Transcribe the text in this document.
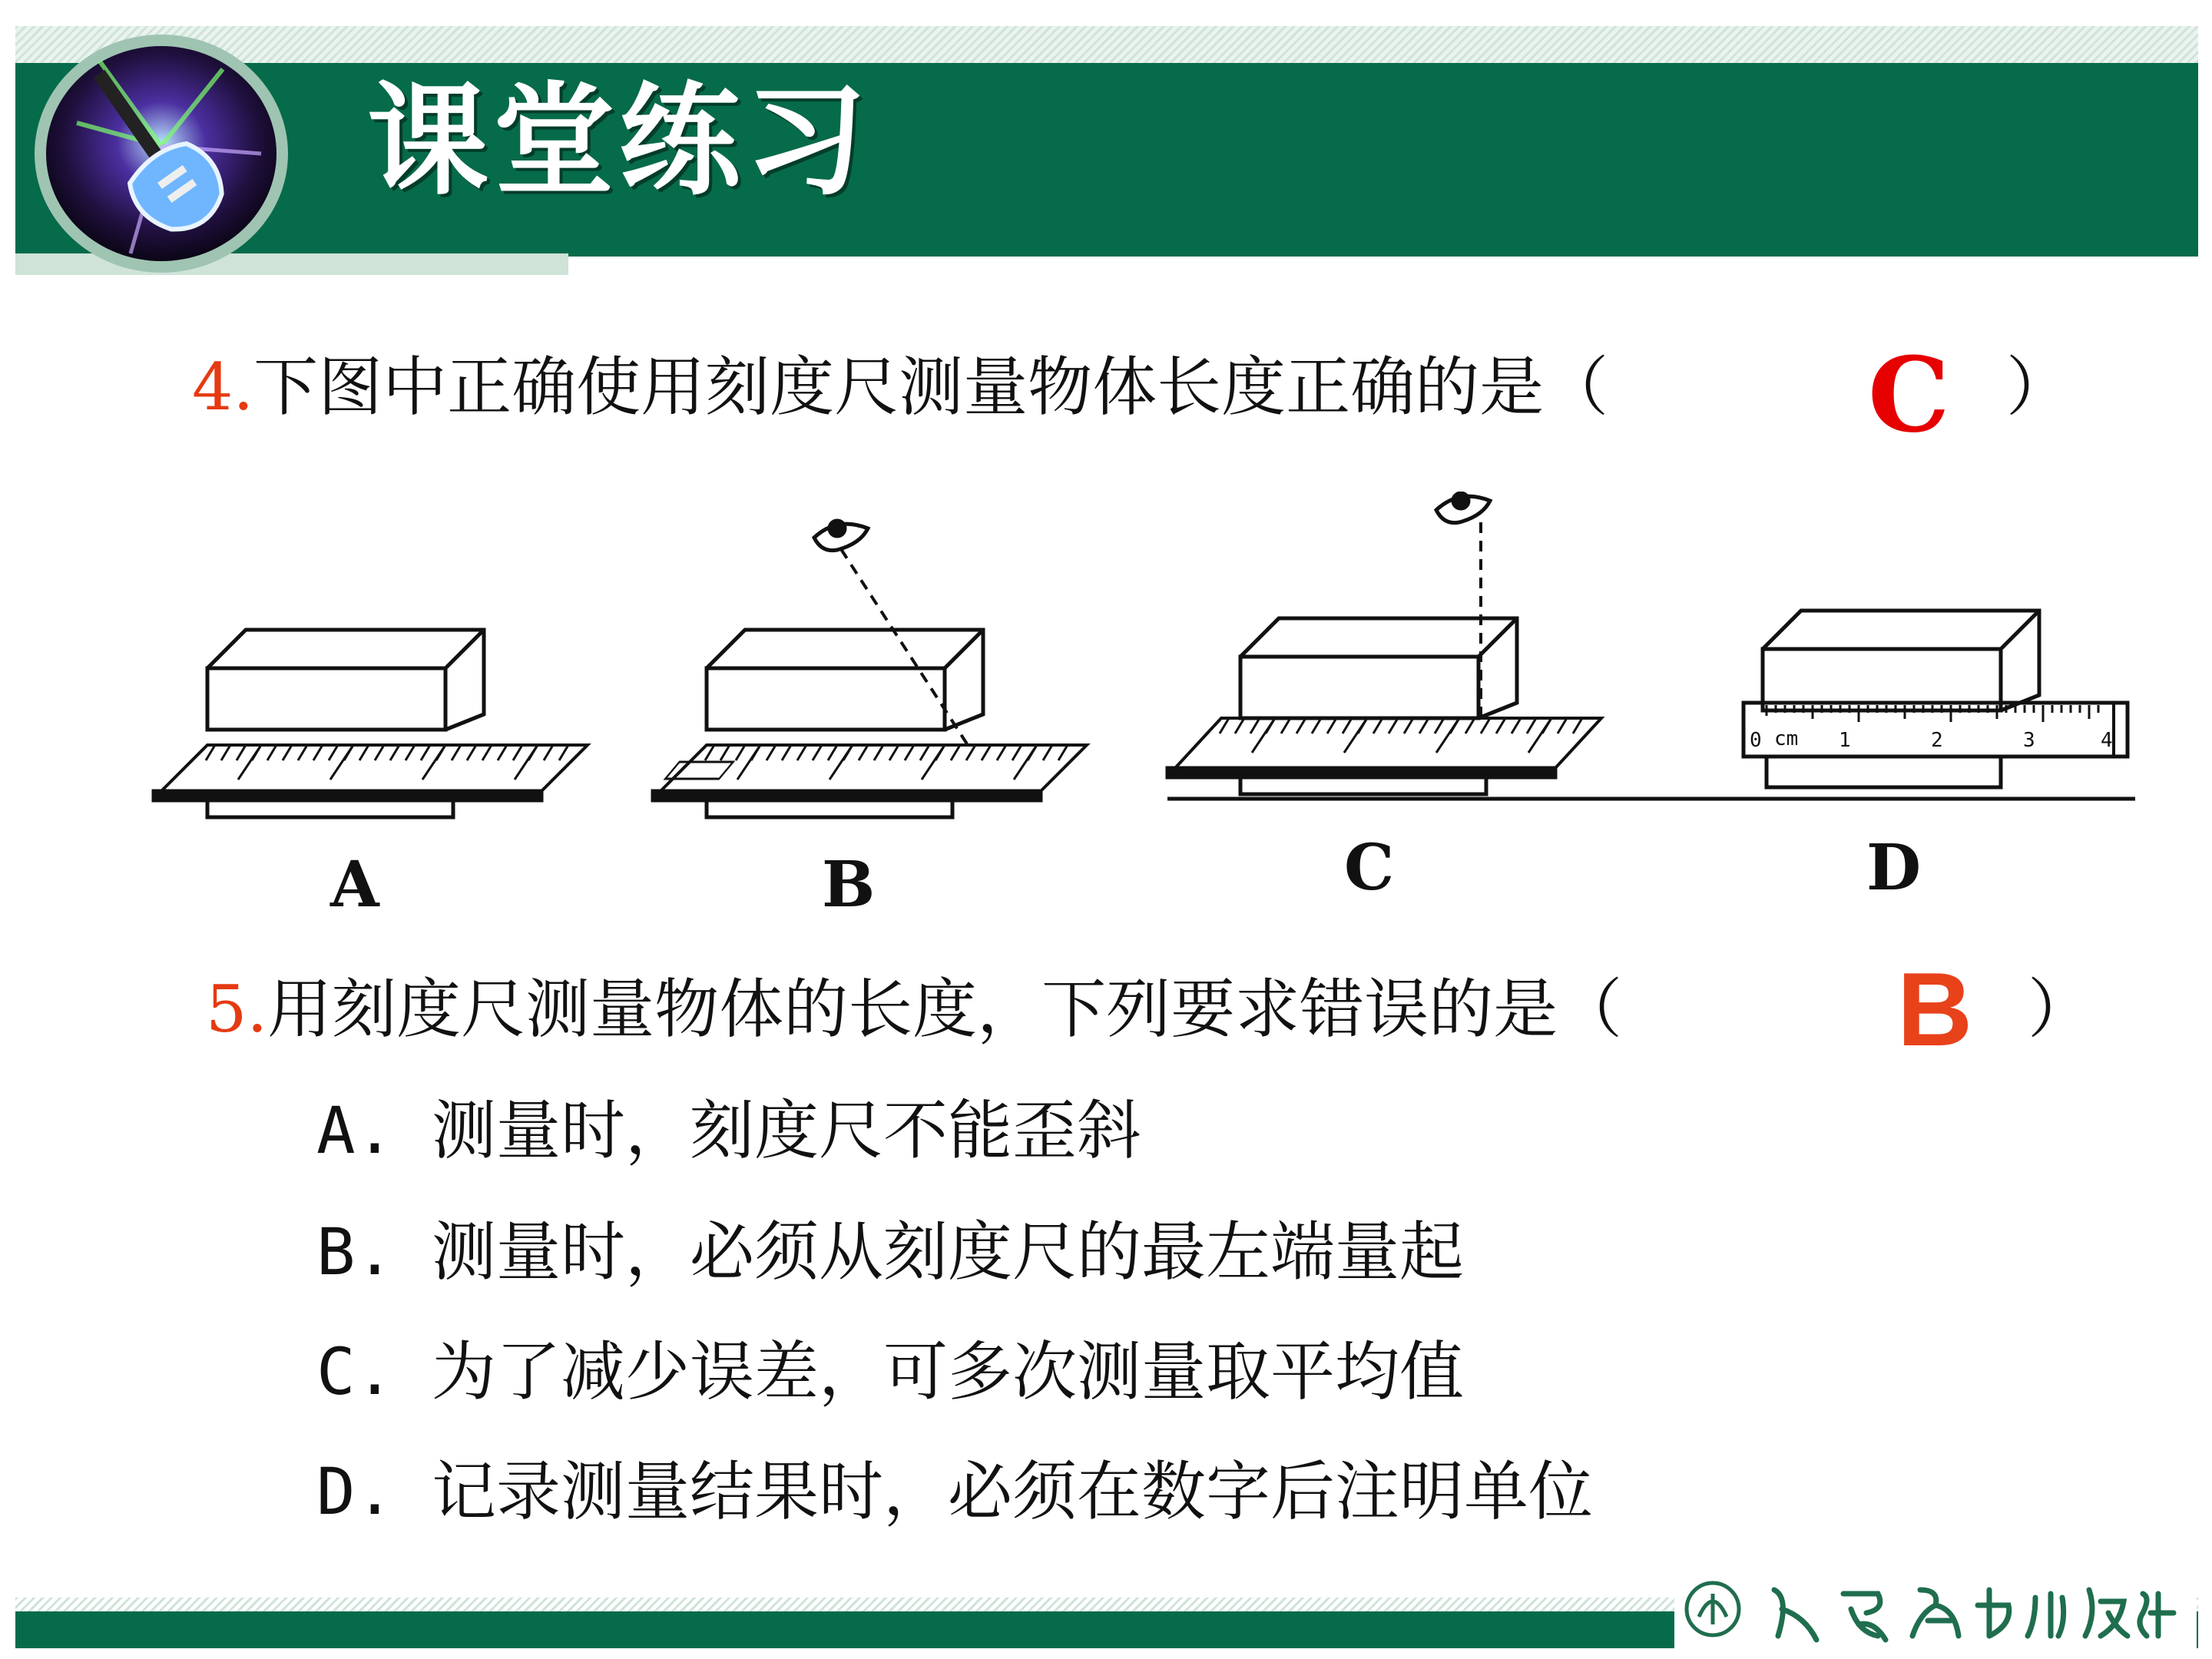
课堂练习
4.下图中正确使用刻度尺测量物体长度正确的是（	）
C
0 cm 1	2	3	4
A	B	C	D
5.用刻度尺测量物体的长度，下列要求错误的是（	）
B
A. 测量时，刻度尺不能歪斜
B. 测量时，必须从刻度尺的最左端量起
C. 为了减少误差，可多次测量取平均值
D. 记录测量结果时，必须在数字后注明单位
